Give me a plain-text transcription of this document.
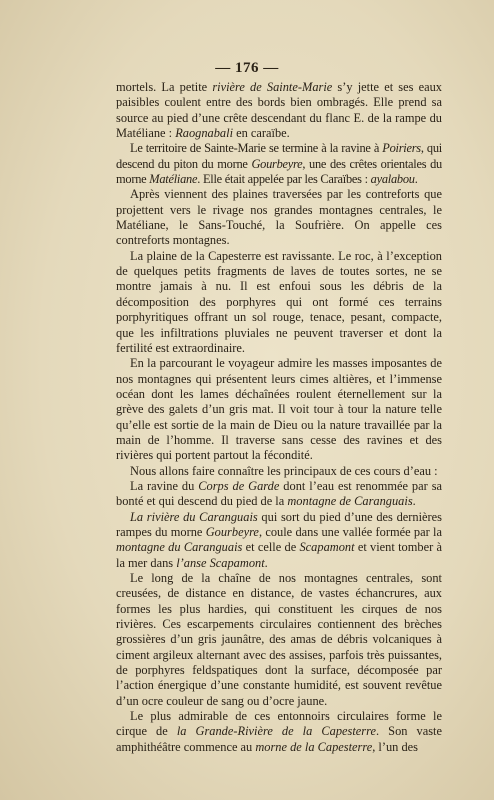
— 176 —

mortels. La petite rivière de Sainte-Marie s’y jette et ses eaux paisibles coulent entre des bords bien ombragés. Elle prend sa source au pied d’une crête descendant du flanc E. de la rampe du Matéliane : Raognabali en caraïbe.

Le territoire de Sainte-Marie se termine à la ravine à Poiriers, qui descend du piton du morne Gourbeyre, une des crêtes orientales du morne Matéliane. Elle était appelée par les Caraïbes : ayalabou.

Après viennent des plaines traversées par les contreforts que projettent vers le rivage nos grandes montagnes centrales, le Matéliane, le Sans-Touché, la Soufrière. On appelle ces contreforts montagnes.

La plaine de la Capesterre est ravissante. Le roc, à l’exception de quelques petits fragments de laves de toutes sortes, ne se montre jamais à nu. Il est enfoui sous les débris de la décomposition des porphyres qui ont formé ces terrains porphyritiques offrant un sol rouge, tenace, pesant, compacte, que les infiltrations pluviales ne peuvent traverser et dont la fertilité est extraordinaire.

En la parcourant le voyageur admire les masses imposantes de nos montagnes qui présentent leurs cimes altières, et l’immense océan dont les lames déchaînées roulent éternellement sur la grève des galets d’un gris mat. Il voit tour à tour la nature telle qu’elle est sortie de la main de Dieu ou la nature travaillée par la main de l’homme. Il traverse sans cesse des ravines et des rivières qui portent partout la fécondité.

Nous allons faire connaître les principaux de ces cours d’eau :

La ravine du Corps de Garde dont l’eau est renommée par sa bonté et qui descend du pied de la montagne de Caranguais.

La rivière du Caranguais qui sort du pied d’une des dernières rampes du morne Gourbeyre, coule dans une vallée formée par la montagne du Caranguais et celle de Scapamont et vient tomber à la mer dans l’anse Scapamont.

Le long de la chaîne de nos montagnes centrales, sont creusées, de distance en distance, de vastes échancrures, aux formes les plus hardies, qui constituent les cirques de nos rivières. Ces escarpements circulaires contiennent des brèches grossières d’un gris jaunâtre, des amas de débris volcaniques à ciment argileux alternant avec des assises, parfois très puissantes, de porphyres feldspatiques dont la surface, décomposée par l’action énergique d’une constante humidité, est souvent revêtue d’un ocre couleur de sang ou d’ocre jaune.

Le plus admirable de ces entonnoirs circulaires forme le cirque de la Grande-Rivière de la Capesterre. Son vaste amphithéâtre commence au morne de la Capesterre, l’un des
